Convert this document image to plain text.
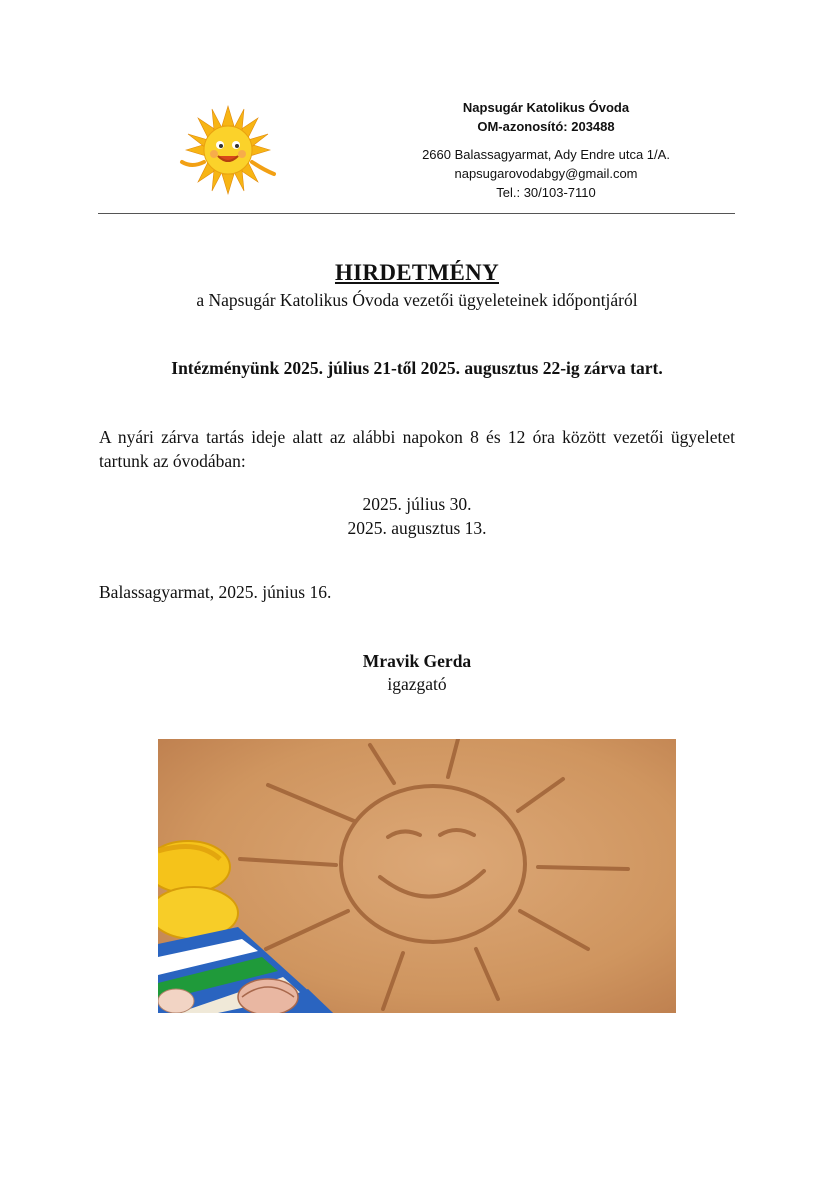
Napsugár Katolikus Óvoda
OM-azonosító: 203488
2660 Balassagyarmat, Ady Endre utca 1/A.
napsugarovodabgy@gmail.com
Tel.: 30/103-7110
HIRDETMÉNY
a Napsugár Katolikus Óvoda vezetői ügyeleteinek időpontjáról
Intézményünk 2025. július 21-től 2025. augusztus 22-ig zárva tart.
A nyári zárva tartás ideje alatt az alábbi napokon 8 és 12 óra között vezetői ügyeletet tartunk az óvodában:
2025. július 30.
2025. augusztus 13.
Balassagyarmat, 2025. június 16.
Mravik Gerda
igazgató
